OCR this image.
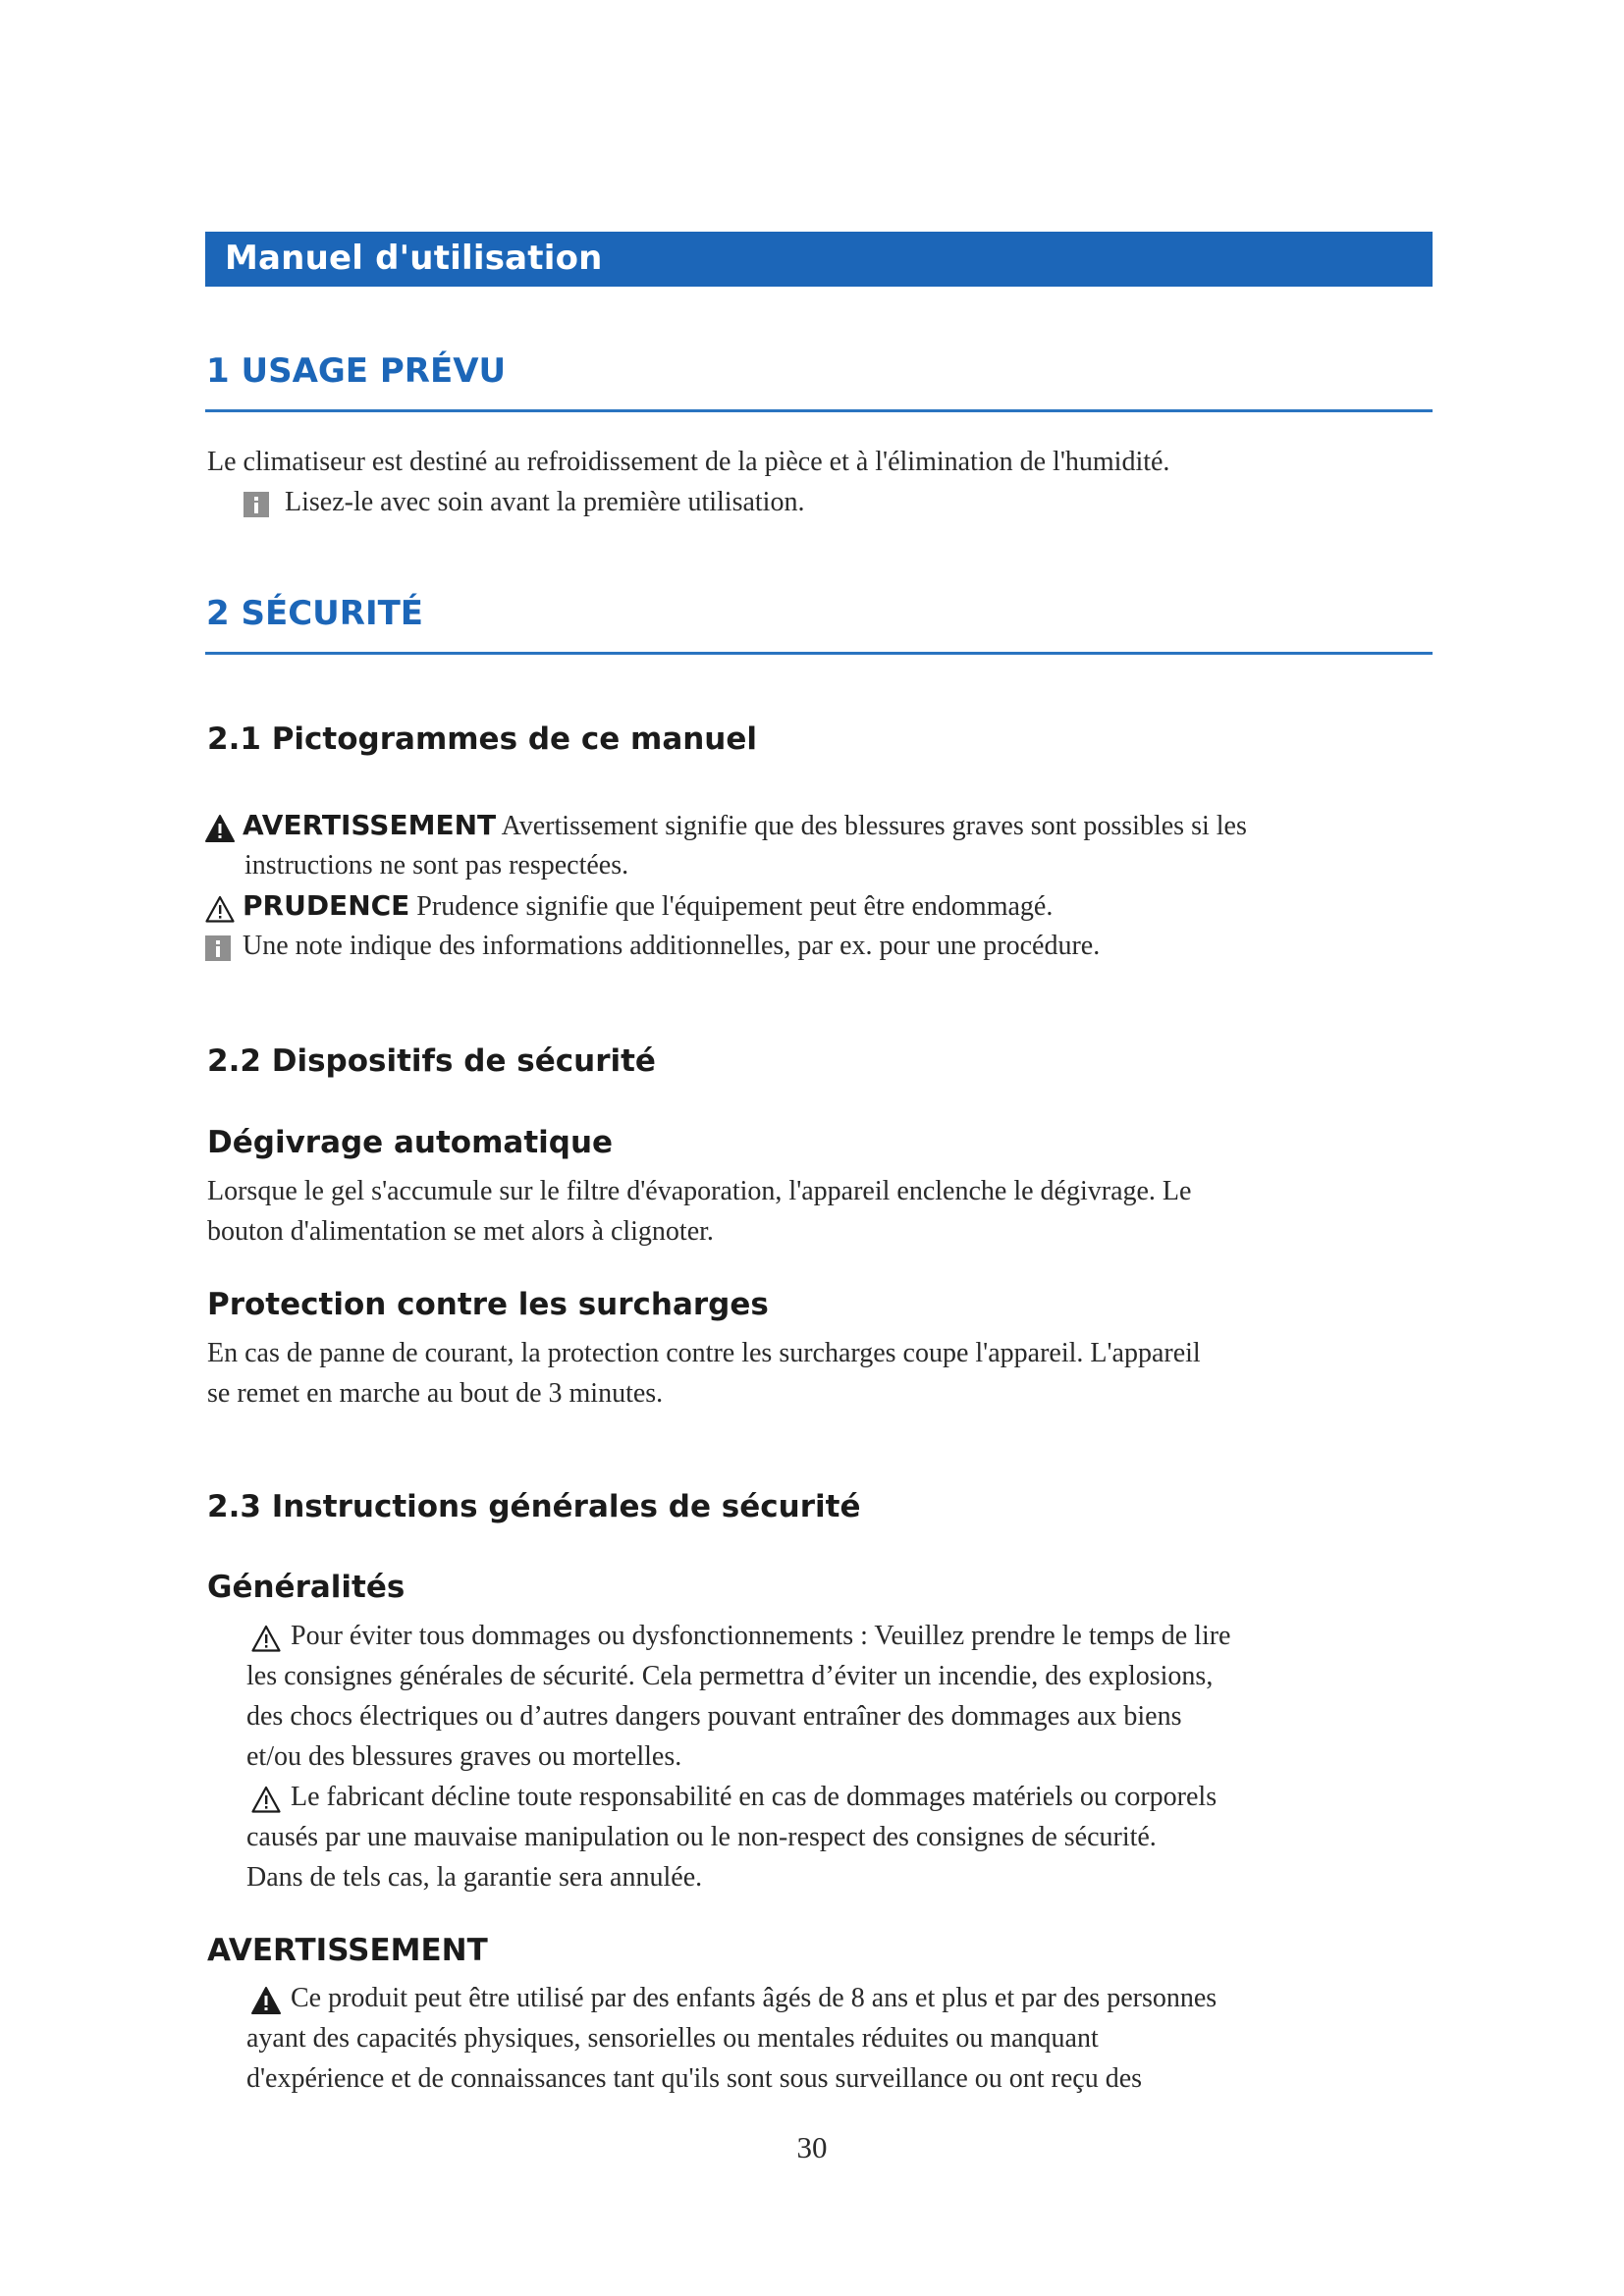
Manuel d'utilisation
1 USAGE PRÉVU
Le climatiseur est destiné au refroidissement de la pièce et à l'élimination de l'humidité.
Lisez-le avec soin avant la première utilisation.
2 SÉCURITÉ
2.1 Pictogrammes de ce manuel
AVERTISSEMENT Avertissement signifie que des blessures graves sont possibles si les
instructions ne sont pas respectées.
PRUDENCE Prudence signifie que l'équipement peut être endommagé.
Une note indique des informations additionnelles, par ex. pour une procédure.
2.2 Dispositifs de sécurité
Dégivrage automatique
Lorsque le gel s'accumule sur le filtre d'évaporation, l'appareil enclenche le dégivrage. Le
bouton d'alimentation se met alors à clignoter.
Protection contre les surcharges
En cas de panne de courant, la protection contre les surcharges coupe l'appareil. L'appareil
se remet en marche au bout de 3 minutes.
2.3 Instructions générales de sécurité
Généralités
Pour éviter tous dommages ou dysfonctionnements : Veuillez prendre le temps de lire
les consignes générales de sécurité. Cela permettra d’éviter un incendie, des explosions,
des chocs électriques ou d’autres dangers pouvant entraîner des dommages aux biens
et/ou des blessures graves ou mortelles.
Le fabricant décline toute responsabilité en cas de dommages matériels ou corporels
causés par une mauvaise manipulation ou le non-respect des consignes de sécurité.
Dans de tels cas, la garantie sera annulée.
AVERTISSEMENT
Ce produit peut être utilisé par des enfants âgés de 8 ans et plus et par des personnes
ayant des capacités physiques, sensorielles ou mentales réduites ou manquant
d'expérience et de connaissances tant qu'ils sont sous surveillance ou ont reçu des
30
